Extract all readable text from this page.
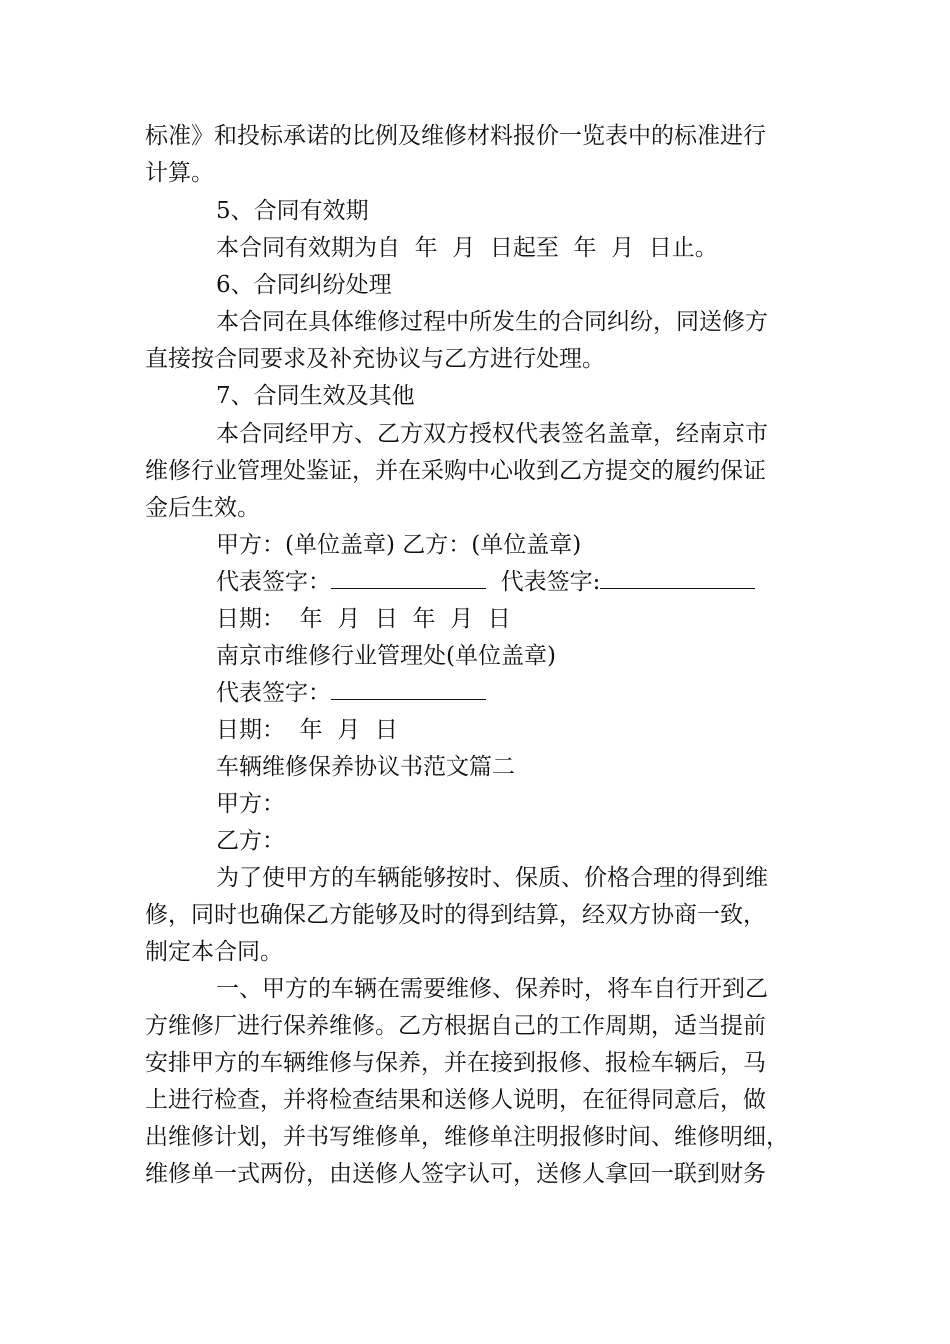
标准》和投标承诺的比例及维修材料报价一览表中的标准进行
计算。
5、合同有效期
本合同有效期为自  年  月  日起至  年  月  日止。
6、合同纠纷处理
本合同在具体维修过程中所发生的合同纠纷，同送修方
直接按合同要求及补充协议与乙方进行处理。
7、合同生效及其他
本合同经甲方、乙方双方授权代表签名盖章，经南京市
维修行业管理处鉴证，并在采购中心收到乙方提交的履约保证
金后生效。
甲方：(单位盖章) 乙方：(单位盖章)
代表签字：	代表签字:
日期：  年  月  日  年  月  日
南京市维修行业管理处(单位盖章)
代表签字：
日期：  年  月  日
车辆维修保养协议书范文篇二
甲方：
乙方：
为了使甲方的车辆能够按时、保质、价格合理的得到维
修，同时也确保乙方能够及时的得到结算，经双方协商一致，
制定本合同。
一、甲方的车辆在需要维修、保养时，将车自行开到乙
方维修厂进行保养维修。乙方根据自己的工作周期，适当提前
安排甲方的车辆维修与保养，并在接到报修、报检车辆后，马
上进行检查，并将检查结果和送修人说明，在征得同意后，做
出维修计划，并书写维修单，维修单注明报修时间、维修明细，
维修单一式两份，由送修人签字认可，送修人拿回一联到财务
